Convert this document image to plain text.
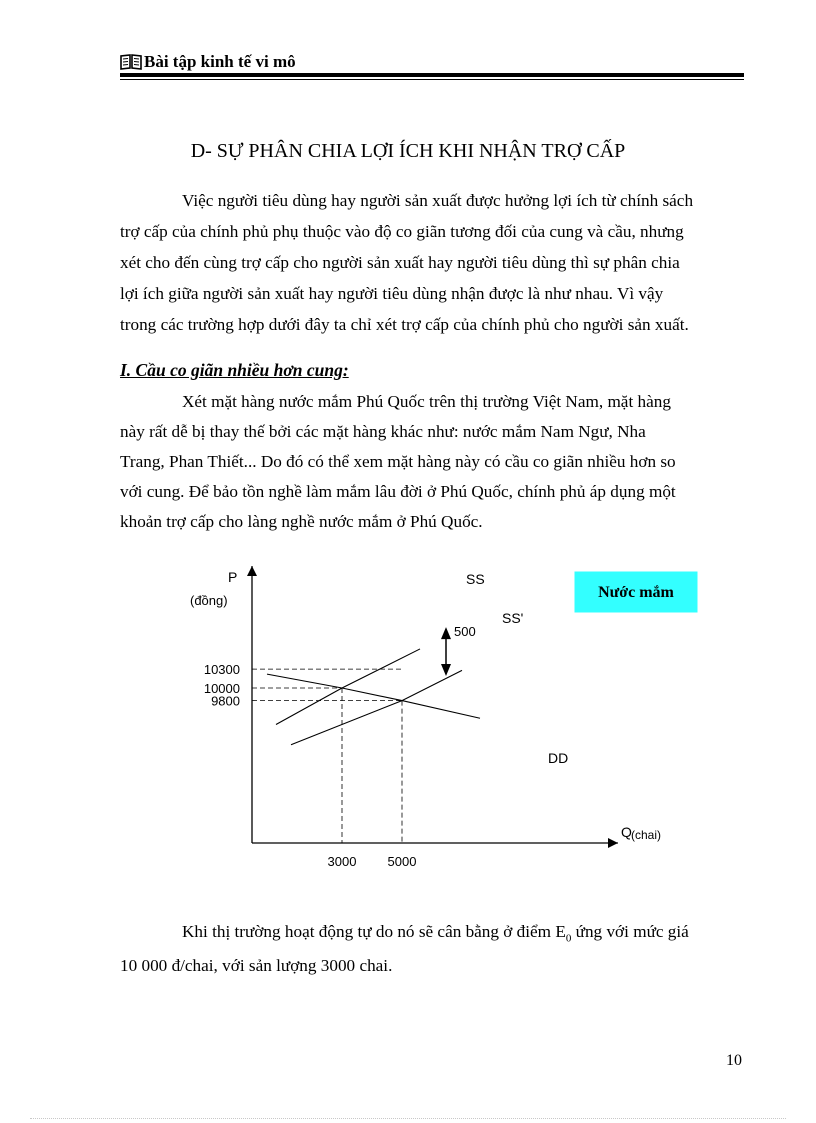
Bài tập kinh tế vi mô
D- SỰ PHÂN CHIA LỢI ÍCH KHI NHẬN TRỢ CẤP
Việc người tiêu dùng hay người sản xuất được hưởng lợi ích từ chính sách
trợ cấp của chính phủ phụ thuộc vào độ co giãn tương đối của cung và cầu, nhưng
xét cho đến cùng trợ cấp cho người sản xuất hay người tiêu dùng thì sự phân chia
lợi ích giữa người sản xuất hay người tiêu dùng nhận được là như nhau. Vì vậy
trong các trường hợp dưới đây ta chỉ xét trợ cấp của chính phủ cho người sản xuất.
I. Cầu co giãn nhiều hơn cung:
Xét mặt hàng nước mắm Phú Quốc trên thị trường Việt Nam, mặt hàng
này rất dễ bị thay thế bởi các mặt hàng khác như: nước mắm Nam Ngư, Nha
Trang, Phan Thiết... Do đó có thể xem mặt hàng này có cầu co giãn nhiều hơn so
với cung. Để bảo tồn nghề làm mắm lâu đời ở Phú Quốc, chính phủ áp dụng một
khoản trợ cấp cho làng nghề nước mắm ở Phú Quốc.
SS
SS'
DD
500
10300
10000
9800
3000 5000
P
(đồng)
Q (chai)
Nước mắm
Khi thị trường hoạt động tự do nó sẽ cân bằng ở điểm $E_0$ ứng với mức giá
10 000 đ/chai, với sản lượng 3000 chai.
10
